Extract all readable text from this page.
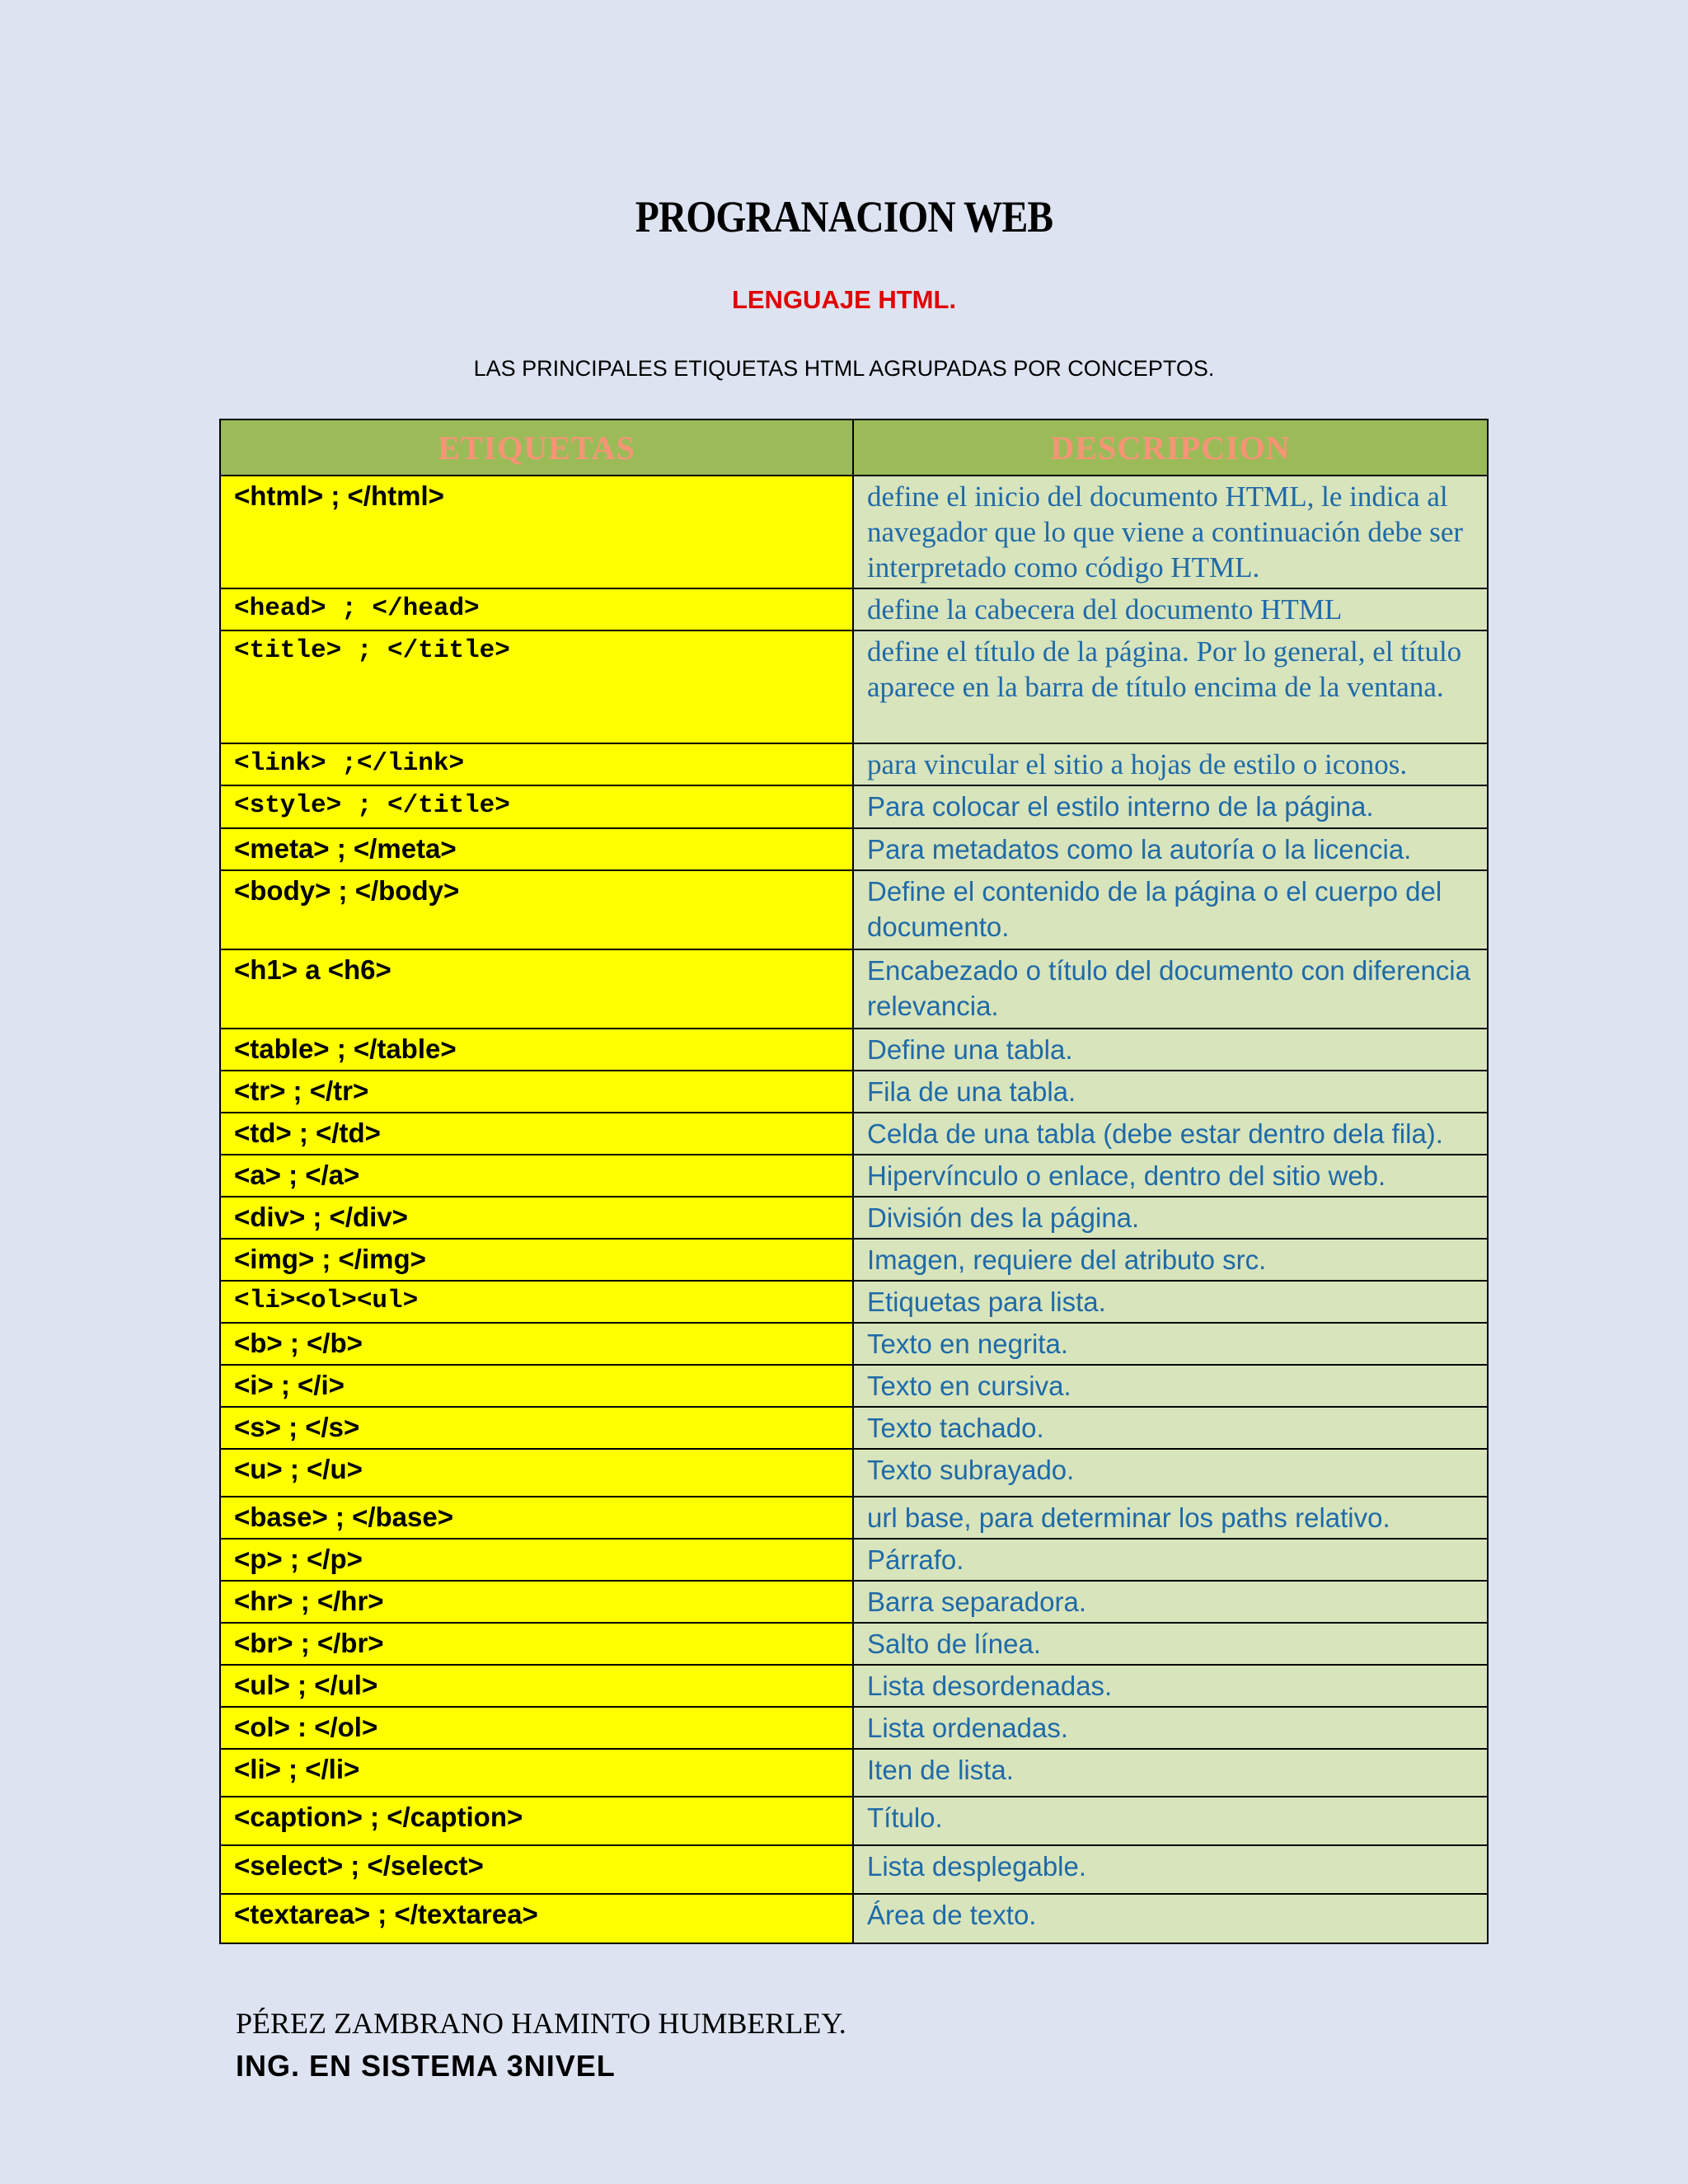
PROGRANACION WEB
LENGUAJE HTML.
LAS PRINCIPALES ETIQUETAS HTML AGRUPADAS POR CONCEPTOS.
ETIQUETAS	DESCRIPCION
<html> ; </html>	define el inicio del documento HTML, le indica al navegador que lo que viene a continuación debe ser interpretado como código HTML.
<head> ; </head>	define la cabecera del documento HTML
<title> ; </title>	define el título de la página. Por lo general, el título aparece en la barra de título encima de la ventana.
<link> ;</link>	para vincular el sitio a hojas de estilo o iconos.
<style> ; </title>	Para colocar el estilo interno de la página.
<meta> ; </meta>	Para metadatos como la autoría o la licencia.
<body> ; </body>	Define el contenido de la página o el cuerpo del documento.
<h1> a <h6>	Encabezado o título del documento con diferencia relevancia.
<table> ; </table>	Define una tabla.
<tr> ; </tr>	Fila de una tabla.
<td> ; </td>	Celda de una tabla (debe estar dentro dela fila).
<a> ; </a>	Hipervínculo o enlace, dentro del sitio web.
<div> ; </div>	División des la página.
<img> ; </img>	Imagen, requiere del atributo src.
<li><ol><ul>	Etiquetas para lista.
<b> ; </b>	Texto en negrita.
<i> ; </i>	Texto en cursiva.
<s> ; </s>	Texto tachado.
<u> ; </u>	Texto subrayado.
<base> ; </base>	url base, para determinar los paths relativo.
<p> ; </p>	Párrafo.
<hr> ; </hr>	Barra separadora.
<br> ; </br>	Salto de línea.
<ul> ; </ul>	Lista desordenadas.
<ol> : </ol>	Lista ordenadas.
<li> ; </li>	Iten de lista.
<caption> ; </caption>	Título.
<select> ; </select>	Lista desplegable.
<textarea> ; </textarea>	Área de texto.
PÉREZ ZAMBRANO HAMINTO HUMBERLEY.
ING. EN SISTEMA 3NIVEL
